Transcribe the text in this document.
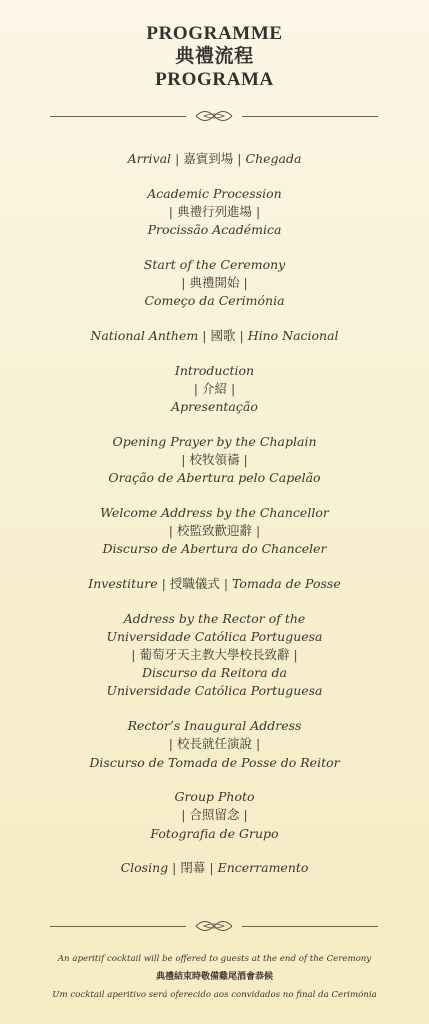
PROGRAMME
典禮流程
PROGRAMA
Arrival | 嘉賓到場 | Chegada
Academic Procession
| 典禮行列進場 |
Procissão Académica
Start of the Ceremony
| 典禮開始 |
Começo da Cerimónia
National Anthem | 國歌 | Hino Nacional
Introduction
| 介紹 |
Apresentação
Opening Prayer by the Chaplain
| 校牧領禱 |
Oração de Abertura pelo Capelão
Welcome Address by the Chancellor
| 校監致歡迎辭 |
Discurso de Abertura do Chanceler
Investiture | 授職儀式 | Tomada de Posse
Address by the Rector of the
Universidade Católica Portuguesa
| 葡萄牙天主教大學校長致辭 |
Discurso da Reitora da
Universidade Católica Portuguesa
Rector’s Inaugural Address
| 校長就任演說 |
Discurso de Tomada de Posse do Reitor
Group Photo
| 合照留念 |
Fotografia de Grupo
Closing | 閉幕 | Encerramento
An aperitif cocktail will be offered to guests at the end of the Ceremony
典禮結束時敬備雞尾酒會恭候
Um cocktail aperitivo será oferecido aos convidados no final da Cerimónia
